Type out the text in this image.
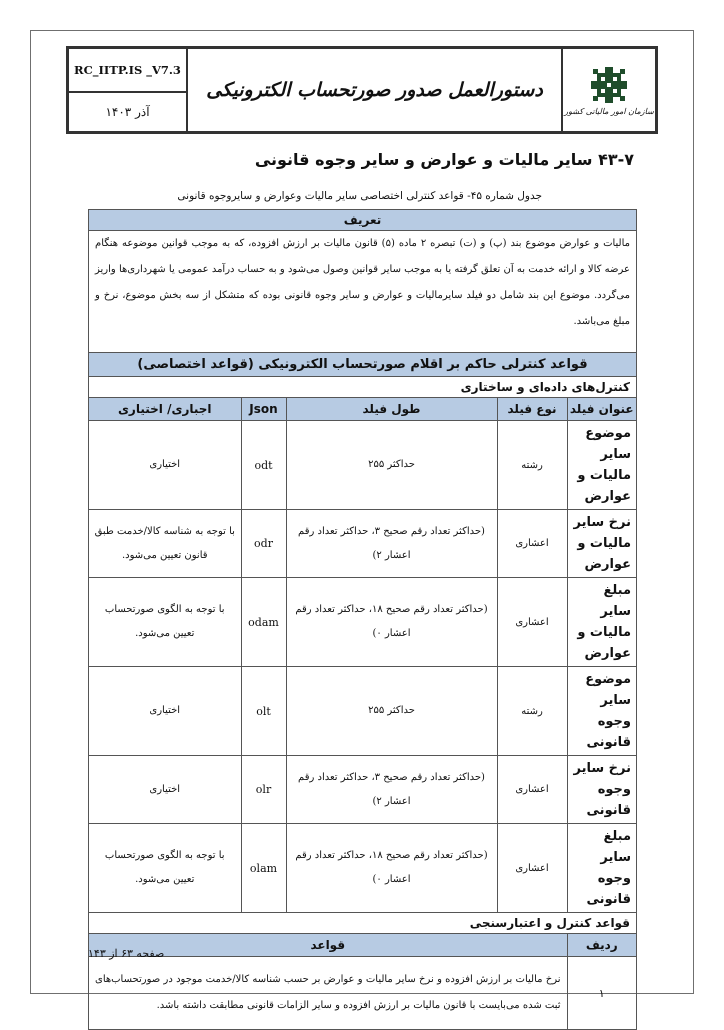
RC_IITP.IS _V7.3
آذر ۱۴۰۳
دستورالعمل صدور صورتحساب الکترونیکی
سازمان امور مالیاتی کشور
۴۳-۷ سایر مالیات و عوارض و سایر وجوه قانونی
جدول شماره ۴۵- قواعد کنترلی اختصاصی سایر مالیات وعوارض و سایروجوه قانونی
تعریف
مالیات و عوارض موضوع بند (پ) و (ت) تبصره ۲ ماده (۵) قانون مالیات بر ارزش افزوده، که به موجب قوانین موضوعه هنگام عرضه کالا و ارائه خدمت به آن تعلق گرفته یا به موجب سایر قوانین وصول می‌شود و به حساب درآمد عمومی یا شهرداری‌ها واریز می‌گردد. موضوع این بند شامل دو فیلد سایرمالیات و عوارض و سایر وجوه قانونی بوده که متشکل از سه بخش موضوع، نرخ و مبلغ می‌باشد.
قواعد کنترلی حاکم بر اقلام صورتحساب الکترونیکی (قواعد اختصاصی)
کنترل‌های داده‌ای و ساختاری
عنوان فیلد	نوع فیلد	طول فیلد	Json	اجباری/ اختیاری
موضوع سایر مالیات و عوارض	رشته	حداکثر ۲۵۵	odt	اختیاری
نرخ سایر مالیات و عوارض	اعشاری	(حداکثر تعداد رقم صحیح ۳، حداکثر تعداد رقم اعشار ۲)	odr	با توجه به شناسه کالا/خدمت طبق قانون تعیین می‌شود.
مبلغ سایر مالیات و عوارض	اعشاری	(حداکثر تعداد رقم صحیح ۱۸، حداکثر تعداد رقم اعشار ۰)	odam	با توجه به الگوی صورتحساب تعیین می‌شود.
موضوع سایر وجوه قانونی	رشته	حداکثر ۲۵۵	olt	اختیاری
نرخ سایر وجوه قانونی	اعشاری	(حداکثر تعداد رقم صحیح ۳، حداکثر تعداد رقم اعشار ۲)	olr	اختیاری
مبلغ سایر وجوه قانونی	اعشاری	(حداکثر تعداد رقم صحیح ۱۸، حداکثر تعداد رقم اعشار ۰)	olam	با توجه به الگوی صورتحساب تعیین می‌شود.
قواعد کنترل و اعتبارسنجی
ردیف	قواعد
۱	نرخ مالیات بر ارزش افزوده و نرخ سایر مالیات و عوارض بر حسب شناسه کالا/خدمت موجود در صورتحساب‌های ثبت شده می‌بایست با قانون مالیات بر ارزش افزوده و سایر الزامات قانونی مطابقت داشته باشد.
صفحه ۶۳ از ۱۴۳
